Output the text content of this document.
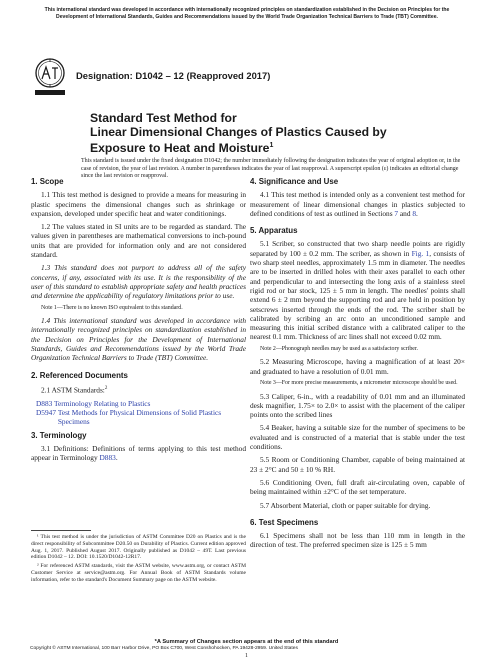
This international standard was developed in accordance with internationally recognized principles on standardization established in the Decision on Principles for the Development of International Standards, Guides and Recommendations issued by the World Trade Organization Technical Barriers to Trade (TBT) Committee.
Designation: D1042 – 12 (Reapproved 2017)
Standard Test Method for
Linear Dimensional Changes of Plastics Caused by
Exposure to Heat and Moisture$^1$
This standard is issued under the fixed designation D1042; the number immediately following the designation indicates the year of original adoption or, in the case of revision, the year of last revision. A number in parentheses indicates the year of last reapproval. A superscript epsilon (ε) indicates an editorial change since the last revision or reapproval.
1. Scope

1.1 This test method is designed to provide a means for measuring in plastic specimens the dimensional changes such as shrinkage or expansion, developed under specific heat and water conditionings.

1.2 The values stated in SI units are to be regarded as standard. The values given in parentheses are mathematical conversions to inch-pound units that are provided for information only and are not considered standard.

1.3 This standard does not purport to address all of the safety concerns, if any, associated with its use. It is the responsibility of the user of this standard to establish appropriate safety and health practices and determine the applicability of regulatory limitations prior to use.

Note 1—There is no known ISO equivalent to this standard.

1.4 This international standard was developed in accordance with internationally recognized principles on standardization established in the Decision on Principles for the Development of International Standards, Guides and Recommendations issued by the World Trade Organization Technical Barriers to Trade (TBT) Committee.

2. Referenced Documents

2.1 ASTM Standards:$^2$

D883 Terminology Relating to Plastics
D5947 Test Methods for Physical Dimensions of Solid Plastics Specimens
3. Terminology

3.1 Definitions: Definitions of terms applying to this test method appear in Terminology D883.

¹ This test method is under the jurisdiction of ASTM Committee D20 on Plastics and is the direct responsibility of Subcommittee D20.50 on Durability of Plastics. Current edition approved Aug. 1, 2017. Published August 2017. Originally published as D1042 – 49T. Last previous edition D1042 – 12. DOI: 10.1520/D1042-12R17.

² For referenced ASTM standards, visit the ASTM website, www.astm.org, or contact ASTM Customer Service at service@astm.org. For Annual Book of ASTM Standards volume information, refer to the standard's Document Summary page on the ASTM website.

4. Significance and Use

4.1 This test method is intended only as a convenient test method for measurement of linear dimensional changes in plastics subjected to defined conditions of test as outlined in Sections 7 and 8.

5. Apparatus

5.1 Scriber, so constructed that two sharp needle points are rigidly separated by 100 ± 0.2 mm. The scriber, as shown in Fig. 1, consists of two sharp steel needles, approximately 1.5 mm in diameter. The needles are to be inserted in drilled holes with their axes parallel to each other and perpendicular to and intersecting the long axis of a stainless steel rigid rod or bar stock, 125 ± 5 mm in length. The needles' points shall extend 6 ± 2 mm beyond the supporting rod and are held in position by setscrews inserted through the ends of the rod. The scriber shall be calibrated by scribing an arc onto an unconditioned sample and measuring this initial scribed distance with a calibrated caliper to the nearest 0.1 mm. Thickness of arc lines shall not exceed 0.02 mm.

Note 2—Phonograph needles may be used as a satisfactory scriber.

5.2 Measuring Microscope, having a magnification of at least 20× and graduated to have a resolution of 0.01 mm.

Note 3—For more precise measurements, a micrometer microscope should be used.

5.3 Caliper, 6-in., with a readability of 0.01 mm and an illuminated desk magnifier, 1.75× to 2.0× to assist with the placement of the caliper points onto the scribed lines

5.4 Beaker, having a suitable size for the number of specimens to be evaluated and is constructed of a material that is stable under the test conditions.

5.5 Room or Conditioning Chamber, capable of being maintained at 23 ± 2°C and 50 ± 10 % RH.

5.6 Conditioning Oven, full draft air-circulating oven, capable of being maintained within ±2°C of the set temperature.

5.7 Absorbent Material, cloth or paper suitable for drying.

6. Test Specimens

6.1 Specimens shall not be less than 110 mm in length in the direction of test. The preferred specimen size is 125 ± 5 mm

*A Summary of Changes section appears at the end of this standard
Copyright © ASTM International, 100 Barr Harbor Drive, PO Box C700, West Conshohocken, PA 19428-2959. United States
1
